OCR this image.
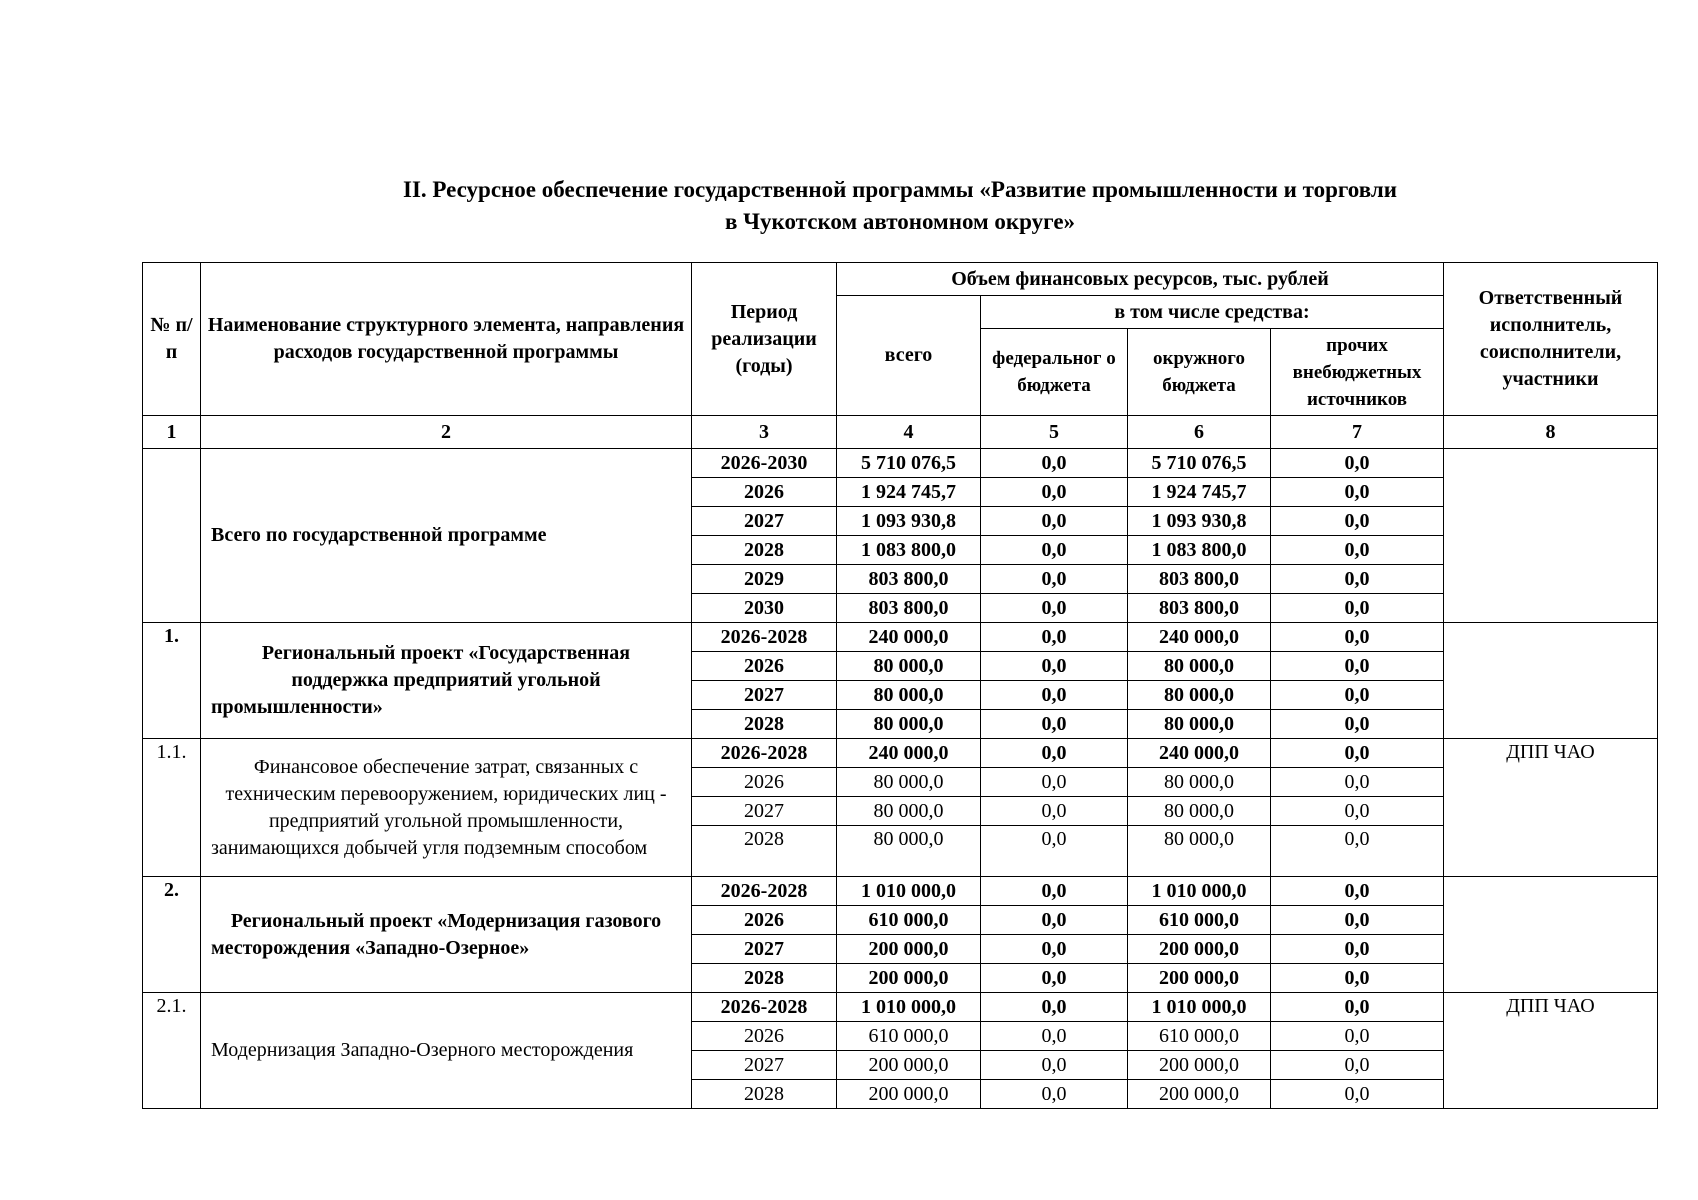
II. Ресурсное обеспечение государственной программы «Развитие промышленности и торговли
в Чукотском автономном округе»
№ п/п	Наименование структурного элемента, направления расходов государственной программы	Период реализации (годы)	Объем финансовых ресурсов, тыс. рублей				Ответственный исполнитель, соисполнители, участники
			всего	в том числе средства:			
				федеральног о бюджета	окружного бюджета	прочих внебюджетных источников	
1	2	3	4	5	6	7	8
	Всего по государственной программе	2026-2030	5 710 076,5	0,0	5 710 076,5	0,0	
		2026	1 924 745,7	0,0	1 924 745,7	0,0	
		2027	1 093 930,8	0,0	1 093 930,8	0,0	
		2028	1 083 800,0	0,0	1 083 800,0	0,0	
		2029	803 800,0	0,0	803 800,0	0,0	
		2030	803 800,0	0,0	803 800,0	0,0	
1.	Региональный проект «Государственная поддержка предприятий угольной промышленности»	2026-2028	240 000,0	0,0	240 000,0	0,0	
		2026	80 000,0	0,0	80 000,0	0,0	
		2027	80 000,0	0,0	80 000,0	0,0	
		2028	80 000,0	0,0	80 000,0	0,0	
1.1.	Финансовое обеспечение затрат, связанных с техническим перевооружением, юридических лиц - предприятий угольной промышленности, занимающихся добычей угля подземным способом	2026-2028	240 000,0	0,0	240 000,0	0,0	ДПП ЧАО
		2026	80 000,0	0,0	80 000,0	0,0	
		2027	80 000,0	0,0	80 000,0	0,0	
		2028	80 000,0	0,0	80 000,0	0,0	
2.	Региональный проект «Модернизация газового месторождения «Западно-Озерное»	2026-2028	1 010 000,0	0,0	1 010 000,0	0,0	
		2026	610 000,0	0,0	610 000,0	0,0	
		2027	200 000,0	0,0	200 000,0	0,0	
		2028	200 000,0	0,0	200 000,0	0,0	
2.1.	Модернизация Западно-Озерного месторождения	2026-2028	1 010 000,0	0,0	1 010 000,0	0,0	ДПП ЧАО
		2026	610 000,0	0,0	610 000,0	0,0	
		2027	200 000,0	0,0	200 000,0	0,0	
		2028	200 000,0	0,0	200 000,0	0,0	
